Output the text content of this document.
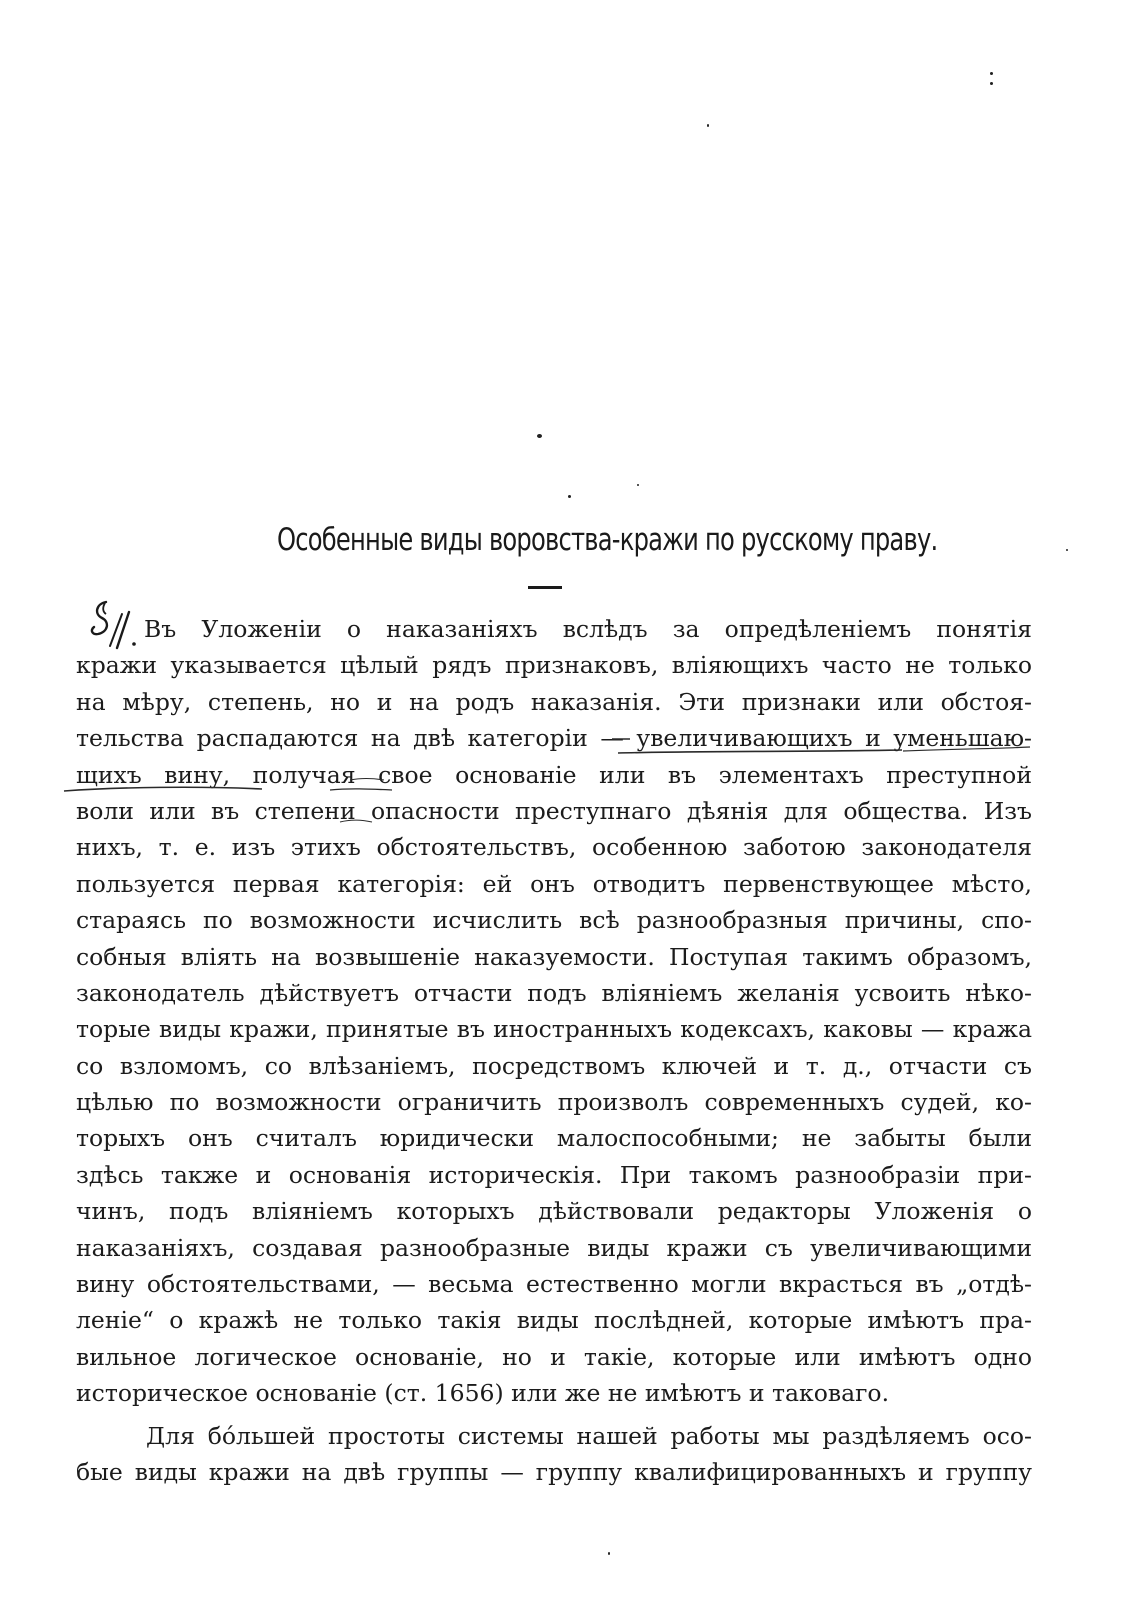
Особенные виды воровства-кражи по русскому праву.
Въ Уложенiи о наказанiяхъ вслѣдъ за опредѣленiемъ понятiя
кражи указывается цѣлый рядъ признаковъ, влiяющихъ часто не только
на мѣру, степень, но и на родъ наказанiя. Эти признаки или обстоя-
тельства распадаются на двѣ категорiи — увеличивающихъ и уменьшаю-
щихъ вину, получая свое основанiе или въ элементахъ преступной
воли или въ степени опасности преступнаго дѣянiя для общества. Изъ
нихъ, т. е. изъ этихъ обстоятельствъ, особенною заботою законодателя
пользуется первая категорiя: ей онъ отводитъ первенствующее мѣсто,
стараясь по возможности исчислить всѣ разнообразныя причины, спо-
собныя влiять на возвышенiе наказуемости. Поступая такимъ образомъ,
законодатель дѣйствуетъ отчасти подъ влiянiемъ желанiя усвоить нѣко-
торые виды кражи, принятые въ иностранныхъ кодексахъ, каковы — кража
со взломомъ, со влѣзанiемъ, посредствомъ ключей и т. д., отчасти съ
цѣлью по возможности ограничить произволъ современныхъ судей, ко-
торыхъ онъ считалъ юридически малоспособными; не забыты были
здѣсь также и основанiя историческiя. При такомъ разнообразiи при-
чинъ, подъ влiянiемъ которыхъ дѣйствовали редакторы Уложенiя о
наказанiяхъ, создавая разнообразные виды кражи съ увеличивающими
вину обстоятельствами, — весьма естественно могли вкрасться въ „отдѣ-
ленiе“ о кражѣ не только такiя виды послѣдней, которые имѣютъ пра-
вильное логическое основанiе, но и такiе, которые или имѣютъ одно
историческое основанiе (ст. 1656) или же не имѣютъ и таковаго.
Для бóльшей простоты системы нашей работы мы раздѣляемъ осо-
бые виды кражи на двѣ группы — группу квалифицированныхъ и группу
